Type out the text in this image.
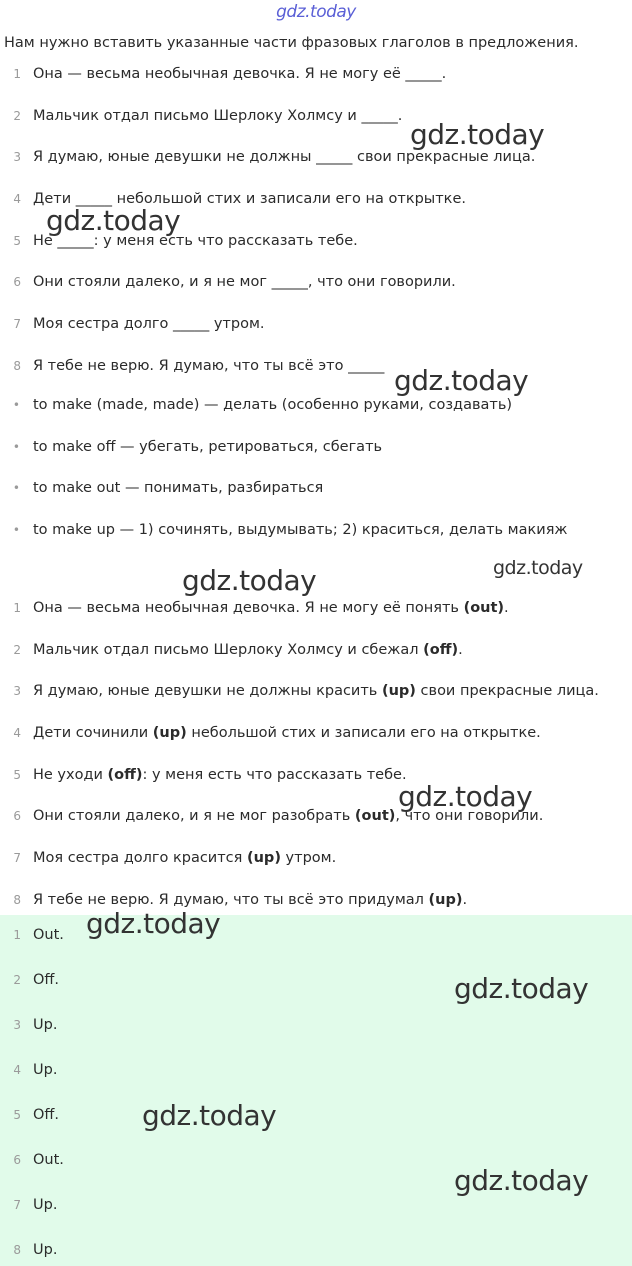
gdz.today
Нам нужно вставить указанные части фразовых глаголов в предложения.
1 Она — весьма необычная девочка. Я не могу её _____.
2 Мальчик отдал письмо Шерлоку Холмсу и _____.
3 Я думаю, юные девушки не должны _____ свои прекрасные лица.
4 Дети _____ небольшой стих и записали его на открытке.
5 Не _____: у меня есть что рассказать тебе.
6 Они стояли далеко, и я не мог _____, что они говорили.
7 Моя сестра долго _____ утром.
8 Я тебе не верю. Я думаю, что ты всё это _____
• to make (made, made) — делать (особенно руками, создавать)
• to make off — убегать, ретироваться, сбегать
• to make out — понимать, разбираться
• to make up — 1) сочинять, выдумывать; 2) краситься, делать макияж
1 Она — весьма необычная девочка. Я не могу её понять (out).
2 Мальчик отдал письмо Шерлоку Холмсу и сбежал (off).
3 Я думаю, юные девушки не должны красить (up) свои прекрасные лица.
4 Дети сочинили (up) небольшой стих и записали его на открытке.
5 Не уходи (off): у меня есть что рассказать тебе.
6 Они стояли далеко, и я не мог разобрать (out), что они говорили.
7 Моя сестра долго красится (up) утром.
8 Я тебе не верю. Я думаю, что ты всё это придумал (up).
1 Out.
2 Off.
3 Up.
4 Up.
5 Off.
6 Out.
7 Up.
8 Up.
gdz.today
gdz.today
gdz.today
gdz.today	gdz.today
gdz.today
gdz.today
gdz.today
gdz.today
gdz.today
